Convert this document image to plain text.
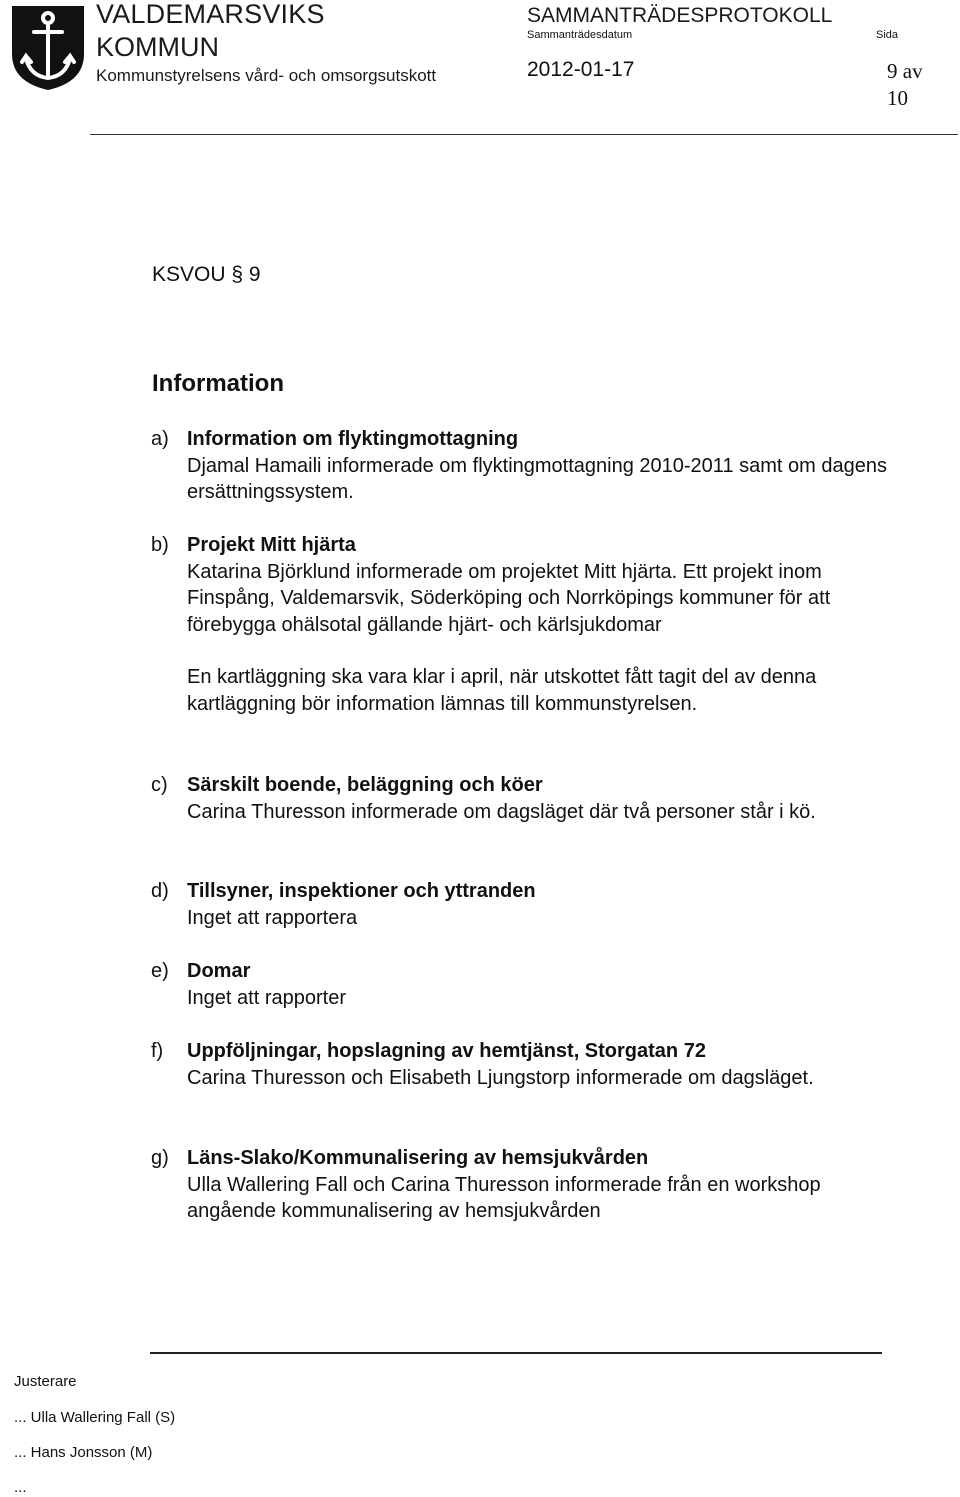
VALDEMARSVIKS
KOMMUN
Kommunstyrelsens vård- och omsorgsutskott
SAMMANTRÄDESPROTOKOLL
Sammanträdesdatum	Sida
2012-01-17	9 av 10
KSVOU § 9
Information
a) Information om flyktingmottagning

Djamal Hamaili informerade om flyktingmottagning 2010-2011 samt om dagens ersättningssystem.

b) Projekt Mitt hjärta

Katarina Björklund informerade om projektet Mitt hjärta. Ett projekt inom Finspång, Valdemarsvik, Söderköping och Norrköpings kommuner för att förebygga ohälsotal gällande hjärt- och kärlsjukdomar

En kartläggning ska vara klar i april, när utskottet fått tagit del av denna kartläggning bör information lämnas till kommunstyrelsen.

c) Särskilt boende, beläggning och köer

Carina Thuresson informerade om dagsläget där två personer står i kö.

d) Tillsyner, inspektioner och yttranden

Inget att rapportera

e) Domar

Inget att rapporter

f) Uppföljningar, hopslagning av hemtjänst, Storgatan 72

Carina Thuresson och Elisabeth Ljungstorp informerade om dagsläget.

g) Läns-Slako/Kommunalisering av hemsjukvården

Ulla Wallering Fall och Carina Thuresson informerade från en workshop angående kommunalisering av hemsjukvården

Justerare
... Ulla Wallering Fall (S)
... Hans Jonsson (M)
...
